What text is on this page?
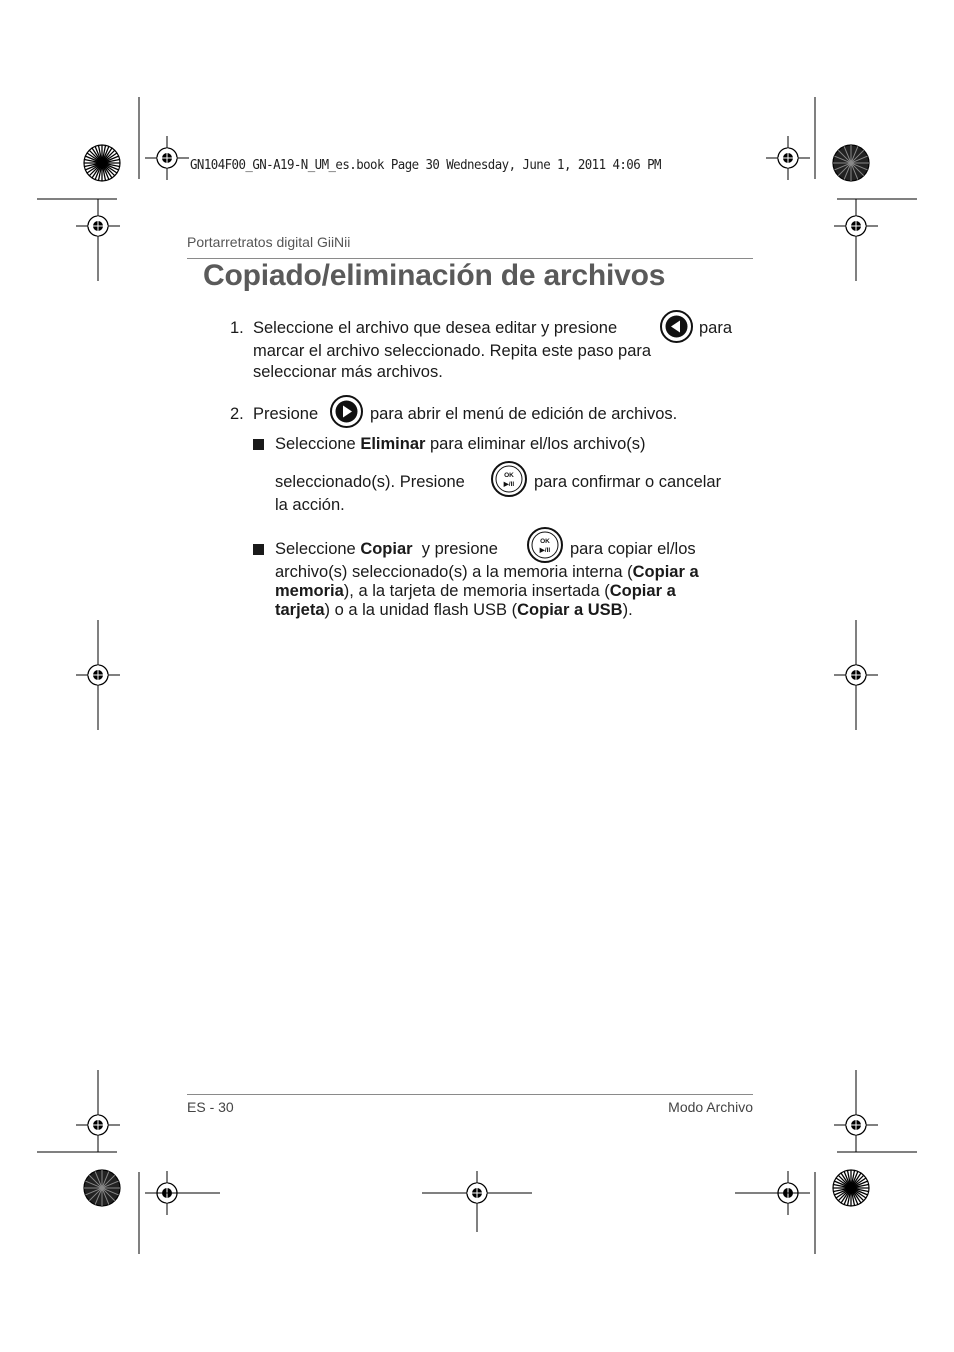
GN104F00_GN-A19-N_UM_es.book Page 30 Wednesday, June 1, 2011 4:06 PM
Portarretratos digital GiiNii
Copiado/eliminación de archivos
1. Seleccione el archivo que desea editar y presione	para
marcar el archivo seleccionado. Repita este paso para
seleccionar más archivos.
2. Presione	para abrir el menú de edición de archivos.
Seleccione Eliminar para eliminar el/los archivo(s)
seleccionado(s). Presione	OK
▶/II para confirmar o cancelar
la acción.
Seleccione Copiar  y presione	OK
▶/II para copiar el/los
archivo(s) seleccionado(s) a la memoria interna (Copiar a
memoria), a la tarjeta de memoria insertada (Copiar a
tarjeta) o a la unidad flash USB (Copiar a USB).
ES - 30	Modo Archivo
